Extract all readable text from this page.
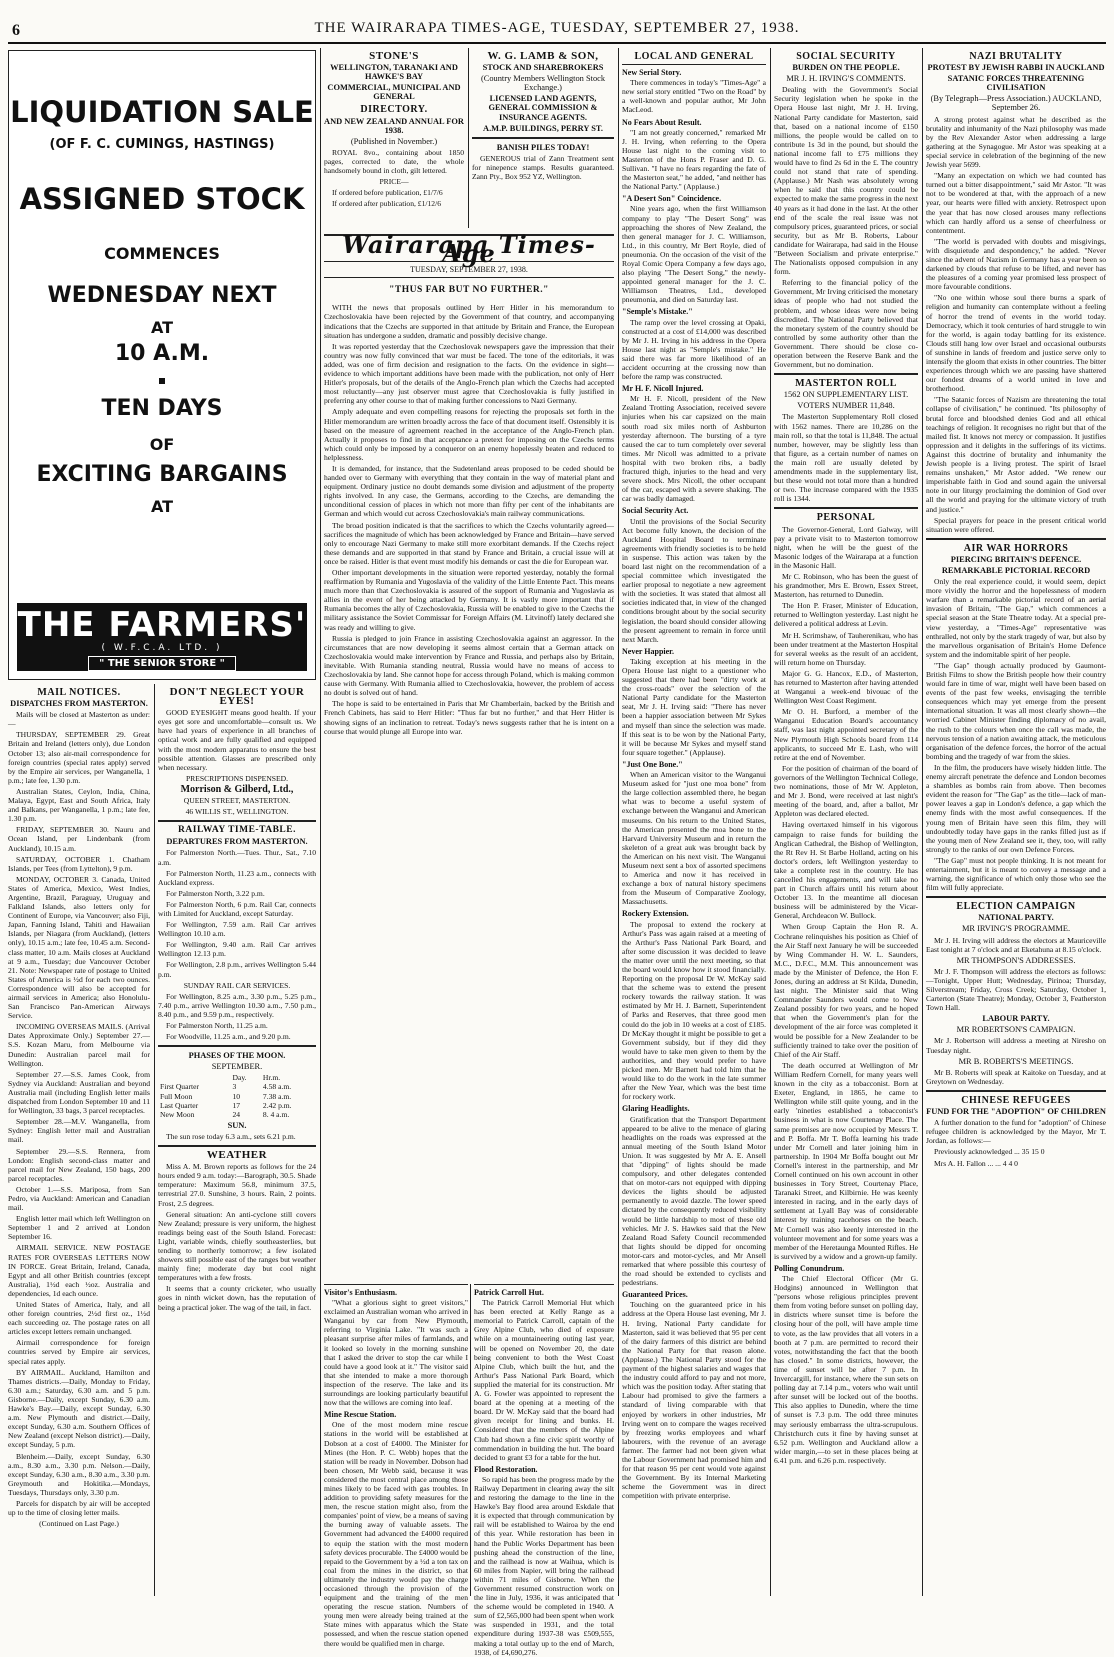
6	THE WAIRARAPA TIMES-AGE, TUESDAY, SEPTEMBER 27, 1938.
LIQUIDATION SALE
(OF F. C. CUMINGS, HASTINGS)
ASSIGNED STOCK
COMMENCES
WEDNESDAY NEXT
AT
10 A.M.
TEN DAYS
OF
EXCITING BARGAINS
AT
THE FARMERS'
( W.F.C.A. LTD. )
" THE SENIOR STORE "
MAIL NOTICES.
DISPATCHES FROM MASTERTON.

Mails will be closed at Masterton as under:—

THURSDAY, SEPTEMBER 29. Great Britain and Ireland (letters only), due London October 13; also air-mail correspondence for foreign countries (special rates apply) served by the Empire air services, per Wanganella, 1 p.m.; late fee, 1.30 p.m.

Australian States, Ceylon, India, China, Malaya, Egypt, East and South Africa, Italy and Balkans, per Wanganella, 1 p.m.; late fee, 1.30 p.m.

FRIDAY, SEPTEMBER 30. Nauru and Ocean Island, per Lindenbank (from Auckland), 10.15 a.m.

SATURDAY, OCTOBER 1. Chatham Islands, per Tees (from Lyttelton), 9 p.m.

MONDAY, OCTOBER 3. Canada, United States of America, Mexico, West Indies, Argentine, Brazil, Paraguay, Uruguay and Falkland Islands, also letters only for Continent of Europe, via Vancouver; also Fiji, Japan, Fanning Island, Tahiti and Hawaiian Islands, per Niagara (from Auckland), (letters only), 10.15 a.m.; late fee, 10.45 a.m. Second-class matter, 10 a.m. Mails closes at Auckland at 9 a.m., Tuesday; due Vancouver October 21. Note: Newspaper rate of postage to United States of America is ½d for each two ounces. Correspondence will also be accepted for airmail services in America; also Honolulu-San Francisco Pan-American Airways Service.

INCOMING OVERSEAS MAILS. (Arrival Dates Approximate Only.) September 27.—S.S. Kozan Maru, from Melbourne via Dunedin: Australian parcel mail for Wellington.

September 27.—S.S. James Cook, from Sydney via Auckland: Australian and beyond Australia mail (including English letter mails dispatched from London September 10 and 11 for Wellington, 33 bags, 3 parcel receptacles.

September 28.—M.V. Wanganella, from Sydney: English letter mail and Australian mail.

September 29.—S.S. Rennera, from London: English second-class matter and parcel mail for New Zealand, 150 bags, 200 parcel receptacles.

October 1.—S.S. Mariposa, from San Pedro, via Auckland: American and Canadian mail.

English letter mail which left Wellington on September 1 and 2 arrived at London September 16.

AIRMAIL SERVICE. NEW POSTAGE RATES FOR OVERSEAS LETTERS NOW IN FORCE. Great Britain, Ireland, Canada, Egypt and all other British countries (except Australia), 1½d each ½oz. Australia and dependencies, 1d each ounce.

United States of America, Italy, and all other foreign countries, 2½d first oz., 1½d each succeeding oz. The postage rates on all articles except letters remain unchanged.

Airmail correspondence for foreign countries served by Empire air services, special rates apply.

BY AIRMAIL. Auckland, Hamilton and Thames districts.—Daily, Monday to Friday, 6.30 a.m.; Saturday, 6.30 a.m. and 5 p.m. Gisborne.—Daily, except Sunday, 6.30 a.m. Hawke's Bay.—Daily, except Sunday, 6.30 a.m. New Plymouth and district.—Daily, except Sunday, 6.30 a.m. Southern Offices of New Zealand (except Nelson district).—Daily, except Sunday, 5 p.m.

Blenheim.—Daily, except Sunday, 6.30 a.m., 8.30 a.m., 3.30 p.m. Nelson.—Daily, except Sunday, 6.30 a.m., 8.30 a.m., 3.30 p.m. Greymouth and Hokitika.—Mondays, Tuesdays, Thursdays only, 3.30 p.m.

Parcels for dispatch by air will be accepted up to the time of closing letter mails.

(Continued on Last Page.)

DON'T NEGLECT YOUR EYES!

GOOD EYESIGHT means good health. If your eyes get sore and uncomfortable—consult us. We have had years of experience in all branches of optical work and are fully qualified and equipped with the most modern apparatus to ensure the best possible attention. Glasses are prescribed only when necessary.

PRESCRIPTIONS DISPENSED.

Morrison & Gilberd, Ltd.,

QUEEN STREET, MASTERTON.

46 WILLIS ST., WELLINGTON.

RAILWAY TIME-TABLE.
DEPARTURES FROM MASTERTON.

For Palmerston North.—Tues. Thur., Sat., 7.10 a.m.

For Palmerston North, 11.23 a.m., connects with Auckland express.

For Palmerston North, 3.22 p.m.

For Palmerston North, 6 p.m. Rail Car, connects with Limited for Auckland, except Saturday.

For Wellington, 7.59 a.m. Rail Car arrives Wellington 10.10 a.m.

For Wellington, 9.40 a.m. Rail Car arrives Wellington 12.13 p.m.

For Wellington, 2.8 p.m., arrives Wellington 5.44 p.m.

SUNDAY RAIL CAR SERVICES.

For Wellington, 8.25 a.m., 3.30 p.m., 5.25 p.m., 7.40 p.m., arrive Wellington 10.30 a.m., 7.50 p.m., 8.40 p.m., and 9.59 p.m., respectively.

For Palmerston North, 11.25 a.m.

For Woodville, 11.25 a.m., and 9.20 p.m.

PHASES OF THE MOON.
SEPTEMBER.
	Day.	Hr.m.
First Quarter	3	4.58 a.m.
Full Moon	10	7.38 a.m.
Last Quarter	17	2.42 p.m.
New Moon	24	8. 4 a.m.
SUN.

The sun rose today 6.3 a.m., sets 6.21 p.m.

WEATHER

Miss A. M. Brown reports as follows for the 24 hours ended 9 a.m. today:—Barograph, 30.5. Shade temperature: Maximum 56.8, minimum 37.5, terrestrial 27.0. Sunshine, 3 hours. Rain, 2 points. Frost, 2.5 degrees.

General situation: An anti-cyclone still covers New Zealand; pressure is very uniform, the highest readings being east of the South Island. Forecast: Light, variable winds, chiefly southeasterlies, but tending to northerly tomorrow; a few isolated showers still possible east of the ranges but weather mainly fine; moderate day but cool night temperatures with a few frosts.

It seems that a county cricketer, who usually goes in ninth wicket down, has the reputation of being a practical joker. The wag of the tail, in fact.

STONE'S
WELLINGTON, TARANAKI AND HAWKE'S BAY
COMMERCIAL, MUNICIPAL AND GENERAL
DIRECTORY.
AND NEW ZEALAND ANNUAL FOR 1938.
(Published in November.)

ROYAL 8vo., containing about 1850 pages, corrected to date, the whole handsomely bound in cloth, gilt lettered.

PRICE—

If ordered before publication, £1/7/6

If ordered after publication, £1/12/6

W. G. LAMB & SON,
STOCK AND SHAREBROKERS
(Country Members Wellington Stock Exchange.)
LICENSED LAND AGENTS, GENERAL COMMISSION & INSURANCE AGENTS.
A.M.P. BUILDINGS, PERRY ST.
BANISH PILES TODAY!

GENEROUS trial of Zann Treatment sent for ninepence stamps. Results guaranteed. Zann Pty., Box 952 YZ, Wellington.

Wairarapa Times-Age
TUESDAY, SEPTEMBER 27, 1938.
"THUS FAR BUT NO FURTHER."

WITH the news that proposals outlined by Herr Hitler in his memorandum to Czechoslovakia have been rejected by the Government of that country, and accompanying indications that the Czechs are supported in that attitude by Britain and France, the European situation has undergone a sudden, dramatic and possibly decisive change.

It was reported yesterday that the Czechoslovak newspapers gave the impression that their country was now fully convinced that war must be faced. The tone of the editorials, it was added, was one of firm decision and resignation to the facts. On the evidence in sight—evidence to which important additions have been made with the publication, not only of Herr Hitler's proposals, but of the details of the Anglo-French plan which the Czechs had accepted most reluctantly—any just observer must agree that Czechoslovakia is fully justified in preferring any other course to that of making further concessions to Nazi Germany.

Amply adequate and even compelling reasons for rejecting the proposals set forth in the Hitler memorandum are written broadly across the face of that document itself. Ostensibly it is based on the measure of agreement reached in the acceptance of the Anglo-French plan. Actually it proposes to find in that acceptance a pretext for imposing on the Czechs terms which could only be imposed by a conqueror on an enemy hopelessly beaten and reduced to helplessness.

It is demanded, for instance, that the Sudetenland areas proposed to be ceded should be handed over to Germany with everything that they contain in the way of material plant and equipment. Ordinary justice no doubt demands some division and adjustment of the property rights involved. In any case, the Germans, according to the Czechs, are demanding the unconditional cession of places in which not more than fifty per cent of the inhabitants are German and which would cut across Czechoslovakia's main railway communications.

The broad position indicated is that the sacrifices to which the Czechs voluntarily agreed—sacrifices the magnitude of which has been acknowledged by France and Britain—have served only to encourage Nazi Germany to make still more exorbitant demands. If the Czechs reject these demands and are supported in that stand by France and Britain, a crucial issue will at once be raised. Hitler is that event must modify his demands or cast the die for European war.

Other important developments in the situation were reported yesterday, notably the formal reaffirmation by Rumania and Yugoslavia of the validity of the Little Entente Pact. This means much more than that Czechoslovakia is assured of the support of Rumania and Yugoslavia as allies in the event of her being attacked by Germany. It is vastly more important that if Rumania becomes the ally of Czechoslovakia, Russia will be enabled to give to the Czechs the military assistance the Soviet Commissar for Foreign Affairs (M. Litvinoff) lately declared she was ready and willing to give.

Russia is pledged to join France in assisting Czechoslovakia against an aggressor. In the circumstances that are now developing it seems almost certain that a German attack on Czechoslovakia would make intervention by France and Russia, and perhaps also by Britain, inevitable. With Rumania standing neutral, Russia would have no means of access to Czechoslovakia by land. She cannot hope for access through Poland, which is making common cause with Germany. With Rumania allied to Czechoslovakia, however, the problem of access no doubt is solved out of hand.

The hope is said to be entertained in Paris that Mr Chamberlain, backed by the British and French Cabinets, has said to Herr Hitler: "Thus far but no further," and that Herr Hitler is showing signs of an inclination to retreat. Today's news suggests rather that he is intent on a course that would plunge all Europe into war.

Visitor's Enthusiasm.

"What a glorious sight to greet visitors," exclaimed an Australian woman who arrived in Wanganui by car from New Plymouth, referring to Virginia Lake. "It was such a pleasant surprise after miles of farmlands, and it looked so lovely in the morning sunshine that I asked the driver to stop the car while I could have a good look at it." The visitor said that she intended to make a more thorough inspection of the reserve. The lake and its surroundings are looking particularly beautiful now that the willows are coming into leaf.

Mine Rescue Station.

One of the most modern mine rescue stations in the world will be established at Dobson at a cost of £4000. The Minister for Mines (the Hon. P. C. Webb) hopes that the station will be ready in November. Dobson had been chosen, Mr Webb said, because it was considered the most central place among those mines likely to be faced with gas troubles. In addition to providing safety measures for the men, the rescue station might also, from the companies' point of view, be a means of saving the burning away of valuable assets. The Government had advanced the £4000 required to equip the station with the most modern safety devices procurable. The £4000 would be repaid to the Government by a ½d a ton tax on coal from the mines in the district, so that ultimately the industry would pay the charge occasioned through the provision of the equipment and the training of the men operating the rescue station. Numbers of young men were already being trained at the State mines with apparatus which the State possessed, and when the rescue station opened there would be qualified men in charge.

Patrick Carroll Hut.

The Patrick Carroll Memorial Hut which has been erected at Kelly Range as a memorial to Patrick Carroll, captain of the Grey Alpine Club, who died of exposure while on a mountaineering outing last year, will be opened on November 20, the date being convenient to both the West Coast Alpine Club, which built the hut, and the Arthur's Pass National Park Board, which supplied the material for its construction. Mr A. G. Fowler was appointed to represent the board at the opening at a meeting of the board. Dr W. McKay said that the board had given receipt for lining and bunks. H. Considered that the members of the Alpine Club had shown a fine civic spirit worthy of commendation in building the hut. The board decided to grant £3 for a table for the hut.

Flood Restoration.

So rapid has been the progress made by the Railway Department in clearing away the silt and restoring the damage to the line in the Hawke's Bay flood area around Eskdale that it is expected that through communication by rail will be established to Wairoa by the end of this year. While restoration has been in hand the Public Works Department has been pushing ahead the construction of the line, and the railhead is now at Waihua, which is 60 miles from Napier, will bring the railhead within 71 miles of Gisborne. When the Government resumed construction work on the line in July, 1936, it was anticipated that the scheme would be completed in 1940. A sum of £2,565,000 had been spent when work was suspended in 1931, and the total expenditure during 1937-38 was £509,555, making a total outlay up to the end of March, 1938, of £4,690,276.

LOCAL AND GENERAL
New Serial Story.

There commences in today's "Times-Age" a new serial story entitled "Two on the Road" by a well-known and popular author, Mr John MacLeod.

No Fears About Result.

"I am not greatly concerned," remarked Mr J. H. Irving, when referring to the Opera House last night to the coming visit to Masterton of the Hons P. Fraser and D. G. Sullivan. "I have no fears regarding the fate of the Masterton seat," he added, "and neither has the National Party." (Applause.)

"A Desert Son" Coincidence.

Nine years ago, when the first Williamson company to play "The Desert Song" was approaching the shores of New Zealand, the then general manager for J. C. Williamson, Ltd., in this country, Mr Bert Royle, died of pneumonia. On the occasion of the visit of the Royal Comic Opera Company a few days ago, also playing "The Desert Song," the newly-appointed general manager for the J. C. Williamson Theatres, Ltd., developed pneumonia, and died on Saturday last.

"Semple's Mistake."

The ramp over the level crossing at Opaki, constructed at a cost of £14,000 was described by Mr J. H. Irving in his address in the Opera House last night as "Semple's mistake." He said there was far more likelihood of an accident occurring at the crossing now than before the ramp was constructed.

Mr H. F. Nicoll Injured.

Mr H. F. Nicoll, president of the New Zealand Trotting Association, received severe injuries when his car capsized on the main south road six miles north of Ashburton yesterday afternoon. The bursting of a tyre caused the car to turn completely over several times. Mr Nicoll was admitted to a private hospital with two broken ribs, a badly fractured thigh, injuries to the head and very severe shock. Mrs Nicoll, the other occupant of the car, escaped with a severe shaking. The car was badly damaged.

Social Security Act.

Until the provisions of the Social Security Act become fully known, the decision of the Auckland Hospital Board to terminate agreements with friendly societies is to be held in suspense. This action was taken by the board last night on the recommendation of a special committee which investigated the earlier proposal to negotiate a new agreement with the societies. It was stated that almost all societies indicated that, in view of the changed conditions brought about by the social security legislation, the board should consider allowing the present agreement to remain in force until next March.

Never Happier.

Taking exception at his meeting in the Opera House last night to a questioner who suggested that there had been "dirty work at the cross-roads" over the selection of the National Party candidate for the Masterton seat, Mr J. H. Irving said: "There has never been a happier association between Mr Sykes and myself than since the selection was made. If this seat is to be won by the National Party, it will be because Mr Sykes and myself stand four square together." (Applause).

"Just One Bone."

When an American visitor to the Wanganui Museum asked for "just one moa bone" from the large collection assembled there, he began what was to become a useful system of exchange between the Wanganui and American museums. On his return to the United States, the American presented the moa bone to the Harvard University Museum and in return the skeleton of a great auk was brought back by the American on his next visit. The Wanganui Museum next sent a box of assorted specimens to America and now it has received in exchange a box of natural history specimens from the Museum of Comparative Zoology, Massachusetts.

Rockery Extension.

The proposal to extend the rockery at Arthur's Pass was again raised at a meeting of the Arthur's Pass National Park Board, and after some discussion it was decided to leave the matter over until the next meeting, so that the board would know how it stood financially. Reporting on the proposal Dr W. McKay said that the scheme was to extend the present rockery towards the railway station. It was estimated by Mr H. J. Barnett, Superintendent of Parks and Reserves, that three good men could do the job in 10 weeks at a cost of £185. Dr McKay thought it might be possible to get a Government subsidy, but if they did they would have to take men given to them by the authorities, and they would prefer to have picked men. Mr Barnett had told him that he would like to do the work in the late summer after the New Year, which was the best time for rockery work.

Glaring Headlights.

Gratification that the Transport Department appeared to be alive to the menace of glaring headlights on the roads was expressed at the annual meeting of the South Island Motor Union. It was suggested by Mr A. E. Ansell that "dipping" of lights should be made compulsory, and other delegates contended that on motor-cars not equipped with dipping devices the lights should be adjusted permanently to avoid dazzle. The lower speed dictated by the consequently reduced visibility would be little hardship to most of these old vehicles. Mr J. S. Hawkes said that the New Zealand Road Safety Council recommended that lights should be dipped for oncoming motor-cars and motor-cycles, and Mr Ansell remarked that where possible this courtesy of the road should be extended to cyclists and pedestrians.

Guaranteed Prices.

Touching on the guaranteed price in his address at the Opera House last evening, Mr J. H. Irving, National Party candidate for Masterton, said it was believed that 95 per cent of the dairy farmers of this district are behind the National Party for that reason alone. (Applause.) The National Party stood for the payment of the highest salaries and wages that the industry could afford to pay and not more, which was the position today. After stating that Labour had promised to give the farmers a standard of living comparable with that enjoyed by workers in other industries, Mr Irving went on to compare the wages received by freezing works employees and wharf labourers, with the revenue of an average farmer. The farmer had not been given what the Labour Government had promised him and for that reason 95 per cent would vote against the Government. By its Internal Marketing scheme the Government was in direct competition with private enterprise.

SOCIAL SECURITY
BURDEN ON THE PEOPLE.
MR J. H. IRVING'S COMMENTS.

Dealing with the Government's Social Security legislation when he spoke in the Opera House last night, Mr J. H. Irving, National Party candidate for Masterton, said that, based on a national income of £150 millions, the people would be called on to contribute 1s 3d in the pound, but should the national income fall to £75 millions they would have to find 2s 6d in the £. The country could not stand that rate of spending. (Applause.) Mr Nash was absolutely wrong when he said that this country could be expected to make the same progress in the next 40 years as it had done in the last. At the other end of the scale the real issue was not compulsory prices, guaranteed prices, or social security, but as Mr B. Roberts, Labour candidate for Wairarapa, had said in the House "Between Socialism and private enterprise." The Nationalists opposed compulsion in any form.

Referring to the financial policy of the Government, Mr Irving criticised the monetary ideas of people who had not studied the problem, and whose ideas were now being discredited. The National Party believed that the monetary system of the country should be controlled by some authority other than the Government. There should be close co-operation between the Reserve Bank and the Government, but no domination.

MASTERTON ROLL
1562 ON SUPPLEMENTARY LIST.
VOTERS NUMBER 11,848.

The Masterton Supplementary Roll closed with 1562 names. There are 10,286 on the main roll, so that the total is 11,848. The actual number, however, may be slightly less than that figure, as a certain number of names on the main roll are usually deleted by amendments made in the supplementary list, but these would not total more than a hundred or two. The increase compared with the 1935 roll is 1344.

PERSONAL

The Governor-General, Lord Galway, will pay a private visit to to Masterton tomorrow night, when he will be the guest of the Masonic lodges of the Wairarapa at a function in the Masonic Hall.

Mr C. Robinson, who has been the guest of his grandmother, Mrs E. Brown, Essex Street, Masterton, has returned to Dunedin.

The Hon P. Fraser, Minister of Education, returned to Wellington yesterday. Last night he delivered a political address at Levin.

Mr H. Scrimshaw, of Tauherenikau, who has been under treatment at the Masterton Hospital for several weeks as the result of an accident, will return home on Thursday.

Major G. G. Hancox, E.D., of Masterton, has returned to Masterton after having attended at Wanganui a week-end bivouac of the Wellington West Coast Regiment.

Mr O. H. Burford, a member of the Wanganui Education Board's accountancy staff, was last night appointed secretary of the New Plymouth High Schools board from 114 applicants, to succeed Mr E. Lash, who will retire at the end of November.

For the position of chairman of the board of governors of the Wellington Technical College, two nominations, those of Mr W. Appleton, and Mr J. Bond, were received at last night's meeting of the board, and, after a ballot, Mr Appleton was declared elected.

Having overtaxed himself in his vigorous campaign to raise funds for building the Anglican Cathedral, the Bishop of Wellington, the Rt Rev H. St Barbe Holland, acting on his doctor's orders, left Wellington yesterday to take a complete rest in the country. He has cancelled his engagements, and will take no part in Church affairs until his return about October 13. In the meantime all diocesan business will be administered by the Vicar-General, Archdeacon W. Bullock.

When Group Captain the Hon R. A. Cochrane relinquishes his position as Chief of the Air Staff next January he will be succeeded by Wing Commander H. W. L. Saunders, M.C., D.F.C., M.M. This announcement was made by the Minister of Defence, the Hon F. Jones, during an address at St Kilda, Dunedin, last night. The Minister said that Wing Commander Saunders would come to New Zealand possibly for two years, and he hoped that when the Government's plan for the development of the air force was completed it would be possible for a New Zealander to be sufficiently trained to take over the position of Chief of the Air Staff.

The death occurred at Wellington of Mr William Redfern Cornell, for many years well known in the city as a tobacconist. Born at Exeter, England, in 1865, he came to Wellington while still quite young, and in the early 'nineties established a tobacconist's business in what is now Courtenay Place. The same premises are now occupied by Messrs T. and P. Boffa. Mr T. Boffa learning his trade under Mr Cornell and later joining him in partnership. In 1904 Mr Boffa bought out Mr Cornell's interest in the partnership, and Mr Cornell continued on his own account in other businesses in Tory Street, Courtenay Place, Taranaki Street, and Kilbirnie. He was keenly interested in racing, and in the early days of settlement at Lyall Bay was of considerable interest by training racehorses on the beach. Mr Cornell was also keenly interested in the volunteer movement and for some years was a member of the Heretaunga Mounted Rifles. He is survived by a widow and a grown-up family.

Polling Conundrum.

The Chief Electoral Officer (Mr G. Hodgins) announced in Wellington that "persons whose religious principles prevent them from voting before sunset on polling day, in districts where sunset time is before the closing hour of the poll, will have ample time to vote, as the law provides that all voters in a booth at 7 p.m. are permitted to record their votes, notwithstanding the fact that the booth has closed." In some districts, however, the time of sunset will be after 7 p.m. In Invercargill, for instance, where the sun sets on polling day at 7.14 p.m., voters who wait until after sunset will be locked out of the booths. This also applies to Dunedin, where the time of sunset is 7.3 p.m. The odd three minutes may seriously embarrass the ultra-scrupulous. Christchurch cuts it fine by having sunset at 6.52 p.m. Wellington and Auckland allow a wider margin,—to set in these places being at 6.41 p.m. and 6.26 p.m. respectively.

NAZI BRUTALITY
PROTEST BY JEWISH RABBI IN AUCKLAND
SATANIC FORCES THREATENING CIVILISATION
(By Telegraph—Press Association.) AUCKLAND, September 26.

A strong protest against what he described as the brutality and inhumanity of the Nazi philosophy was made by the Rev Alexander Astor when addressing a large gathering at the Synagogue. Mr Astor was speaking at a special service in celebration of the beginning of the new Jewish year 5699.

"Many an expectation on which we had counted has turned out a bitter disappointment," said Mr Astor. "It was not to be wondered at that, with the approach of a new year, our hearts were filled with anxiety. Retrospect upon the year that has now closed arouses many reflections which can hardly afford us a sense of cheerfulness or contentment.

"The world is pervaded with doubts and misgivings, with disquietude and despondency," he added. "Never since the advent of Nazism in Germany has a year been so darkened by clouds that refuse to be lifted, and never has the pleasures of a coming year promised less prospect of more favourable conditions.

"No one within whose soul there burns a spark of religion and humanity can contemplate without a feeling of horror the trend of events in the world today. Democracy, which it took centuries of hard struggle to win for the world, is again today battling for its existence. Clouds still hang low over Israel and occasional outbursts of sunshine in lands of freedom and justice serve only to intensify the gloom that exists in other countries. The bitter experiences through which we are passing have shattered our fondest dreams of a world united in love and brotherhood.

"The Satanic forces of Nazism are threatening the total collapse of civilisation," he continued. "Its philosophy of brutal force and bloodshed denies God and all ethical teachings of religion. It recognises no right but that of the mailed fist. It knows not mercy or compassion. It justifies oppression and it delights in the sufferings of its victims. Against this doctrine of brutality and inhumanity the Jewish people is a living protest. The spirit of Israel remains unshaken," Mr Astor added. "We renew our imperishable faith in God and sound again the universal note in our liturgy proclaiming the dominion of God over all the world and praying for the ultimate victory of truth and justice."

Special prayers for peace in the present critical world situation were offered.

AIR WAR HORRORS
PIERCING BRITAIN'S DEFENCE.
REMARKABLE PICTORIAL RECORD

Only the real experience could, it would seem, depict more vividly the horror and the hopelessness of modern warfare than a remarkable pictorial record of an aerial invasion of Britain, "The Gap," which commences a special season at the State Theatre today. At a special pre-view yesterday, a "Times-Age" representative was enthralled, not only by the stark tragedy of war, but also by the marvellous organisation of Britain's Home Defence system and the indomitable spirit of her people.

"The Gap" though actually produced by Gaumont-British Films to show the British people how their country would fare in time of war, might well have been based on events of the past few weeks, envisaging the terrible consequences which may yet emerge from the present international situation. It was all most clearly shown—the worried Cabinet Minister finding diplomacy of no avail, the rush to the colours when once the call was made, the nervous tension of a nation awaiting attack, the meticulous organisation of the defence forces, the horror of the actual bombing and the tragedy of war from the skies.

In the film, the producers have wisely hidden little. The enemy aircraft penetrate the defence and London becomes a shambles as bombs rain from above. Then becomes evident the reason for "The Gap" as the title—lack of man-power leaves a gap in London's defence, a gap which the enemy finds with the most awful consequences. If the young men of Britain have seen this film, they will undoubtedly today have gaps in the ranks filled just as if the young men of New Zealand see it, they, too, will rally strongly to the ranks of our own Defence Forces.

"The Gap" must not people thinking. It is not meant for entertainment, but it is meant to convey a message and a warning, the significance of which only those who see the film will fully appreciate.

ELECTION CAMPAIGN
NATIONAL PARTY.
MR IRVING'S PROGRAMME.

Mr J. H. Irving will address the electors at Mauriceville East tonight at 7 o'clock and at Eketahuna at 8.15 o'clock.

MR THOMPSON'S ADDRESSES.

Mr J. F. Thompson will address the electors as follows:—Tonight, Upper Hutt; Wednesday, Pirinoa; Thursday, Silverstream; Friday, Cross Creek; Saturday, October 1, Carterton (State Theatre); Monday, October 3, Featherston Town Hall.

LABOUR PARTY.
MR ROBERTSON'S CAMPAIGN.

Mr J. Robertson will address a meeting at Niresho on Tuesday night.

MR B. ROBERTS'S MEETINGS.

Mr B. Roberts will speak at Kaitoke on Tuesday, and at Greytown on Wednesday.

CHINESE REFUGEES
FUND FOR THE "ADOPTION" OF CHILDREN

A further donation to the fund for "adoption" of Chinese refugee children is acknowledged by the Mayor, Mr T. Jordan, as follows:—

Previously acknowledged ... 35 15 0

Mrs A. H. Fallon ... ... 4 4 0
